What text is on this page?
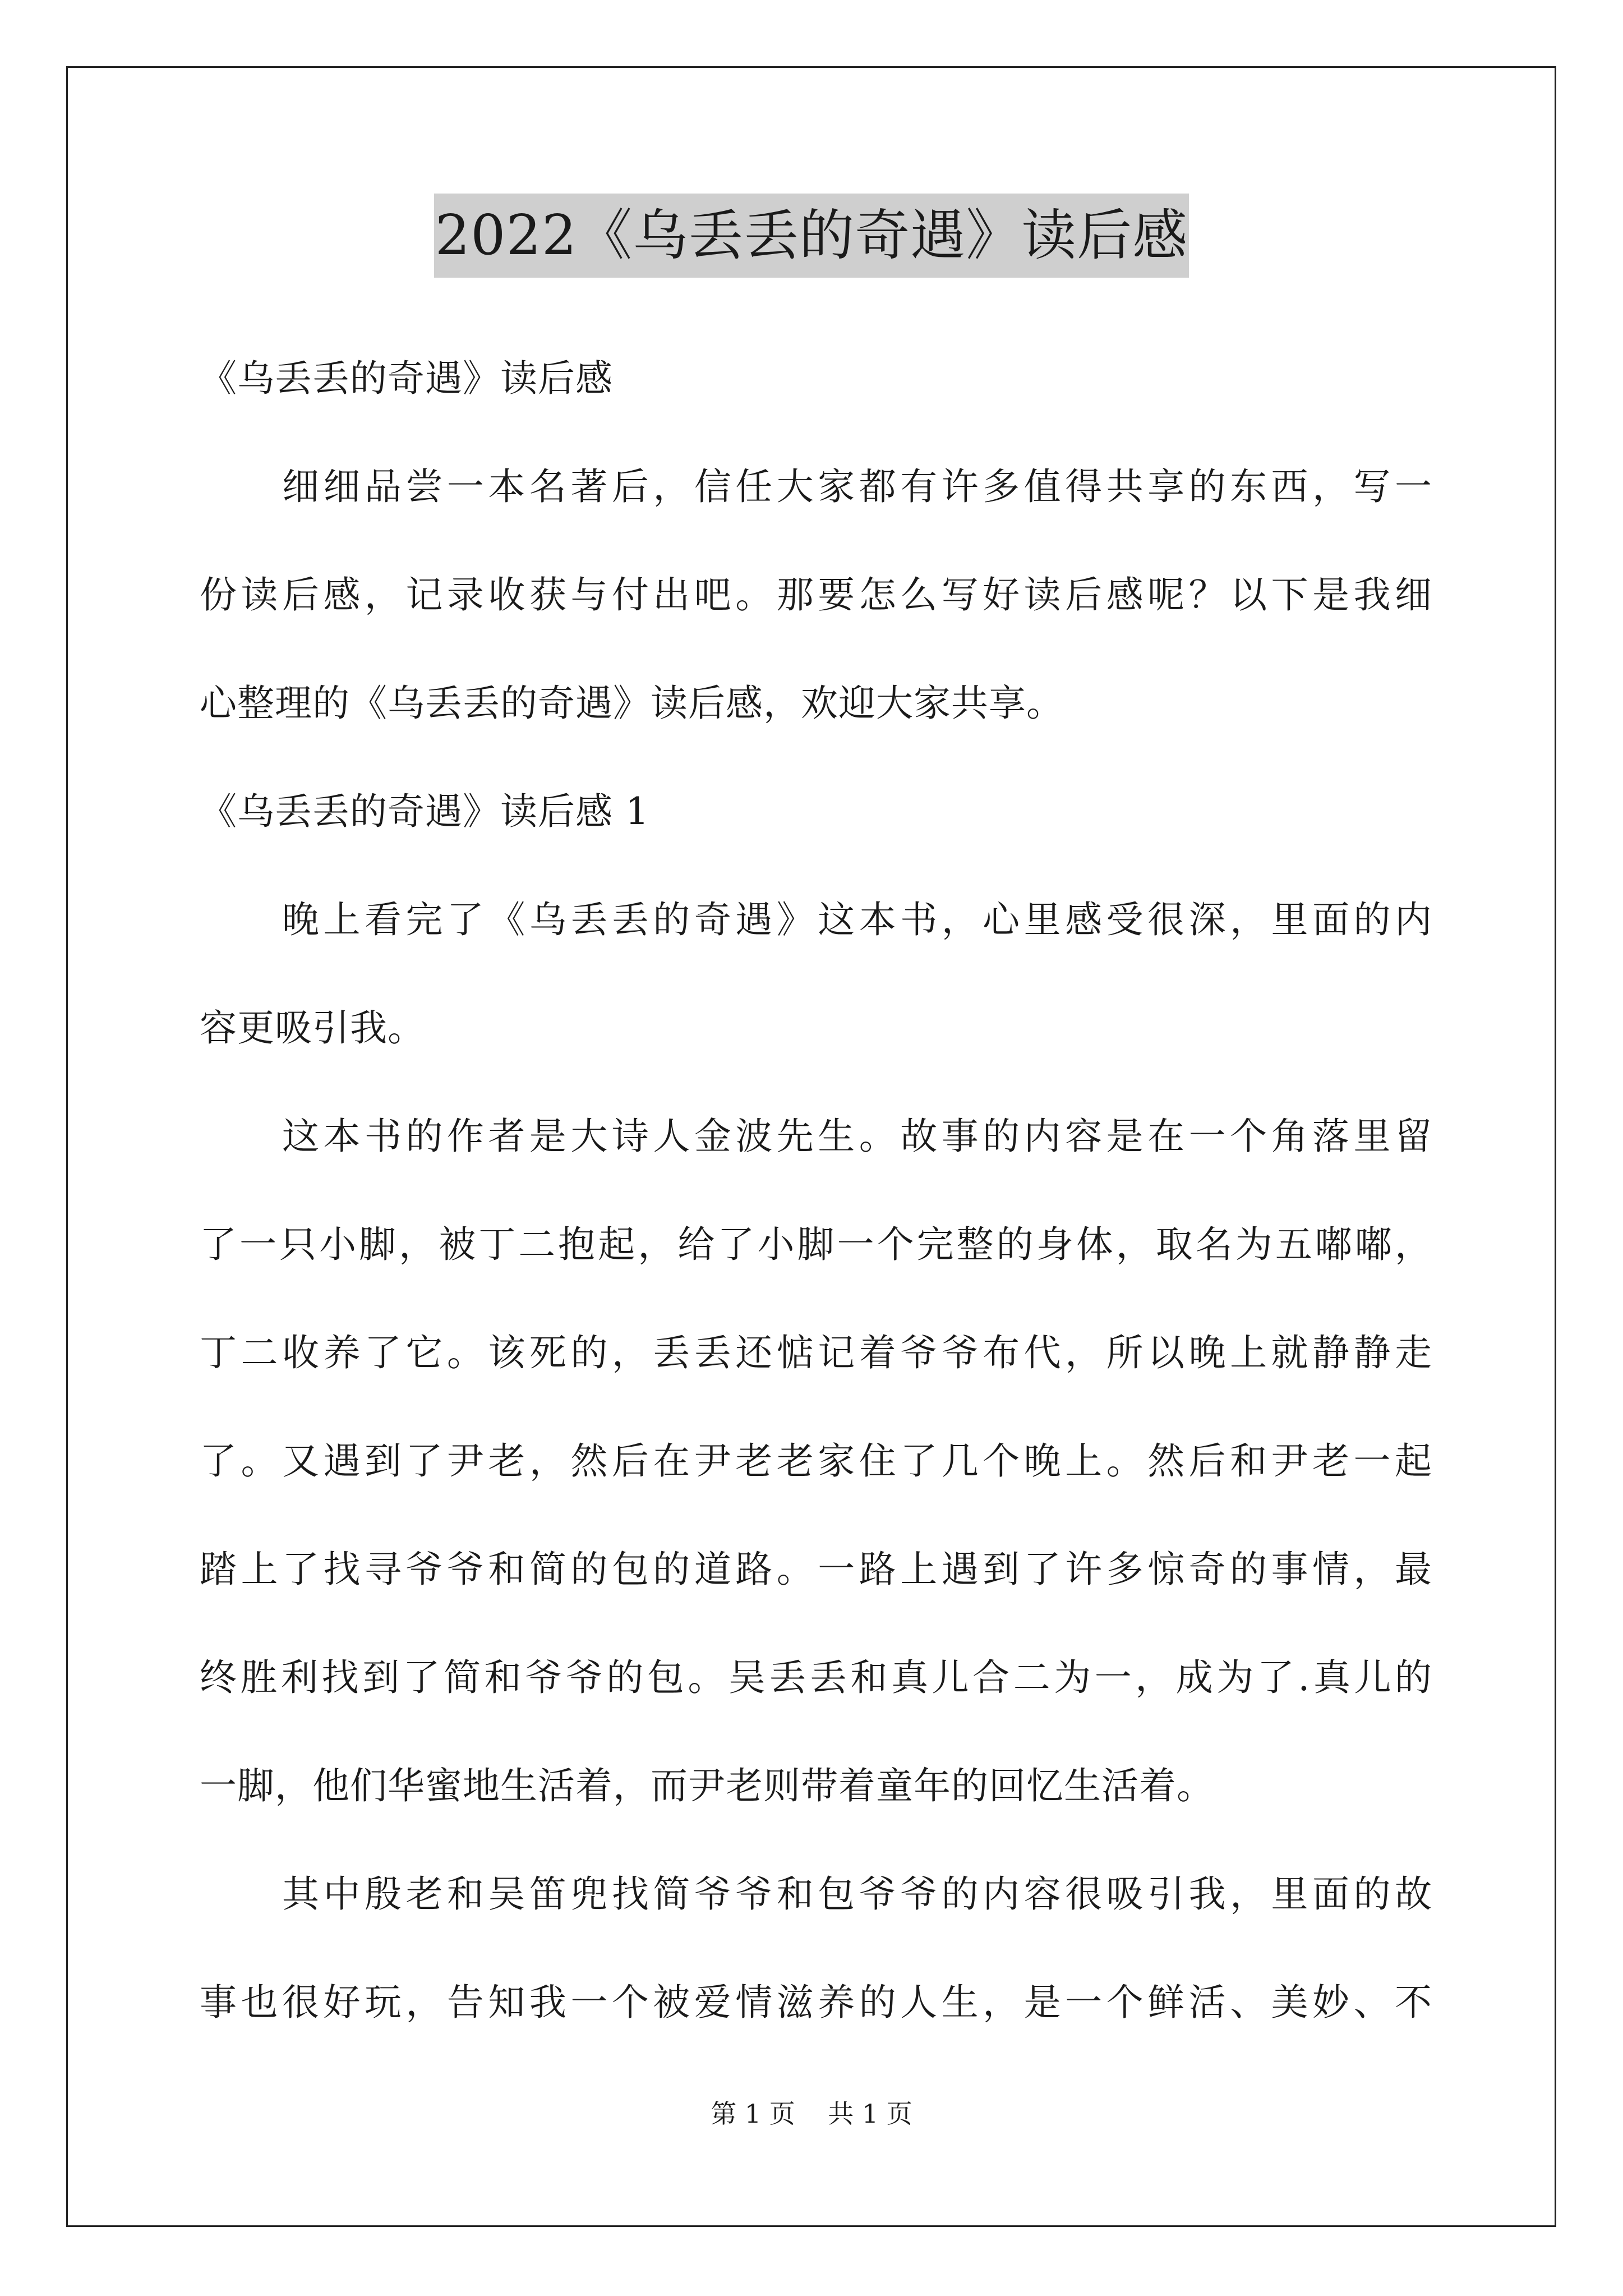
2022《乌丢丢的奇遇》读后感
《乌丢丢的奇遇》读后感
细细品尝一本名著后，信任大家都有许多值得共享的东西，写一
份读后感，记录收获与付出吧。那要怎么写好读后感呢？以下是我细
心整理的《乌丢丢的奇遇》读后感，欢迎大家共享。
《乌丢丢的奇遇》读后感 1
晚上看完了《乌丢丢的奇遇》这本书，心里感受很深，里面的内
容更吸引我。
这本书的作者是大诗人金波先生。故事的内容是在一个角落里留
了一只小脚，被丁二抱起，给了小脚一个完整的身体，取名为五嘟嘟，
丁二收养了它。该死的，丢丢还惦记着爷爷布代，所以晚上就静静走
了。又遇到了尹老，然后在尹老老家住了几个晚上。然后和尹老一起
踏上了找寻爷爷和简的包的道路。一路上遇到了许多惊奇的事情，最
终胜利找到了简和爷爷的包。吴丢丢和真儿合二为一，成为了.真儿的
一脚，他们华蜜地生活着，而尹老则带着童年的回忆生活着。
其中殷老和吴笛兜找简爷爷和包爷爷的内容很吸引我，里面的故
事也很好玩，告知我一个被爱情滋养的人生，是一个鲜活、美妙、不
第 1 页    共 1 页
